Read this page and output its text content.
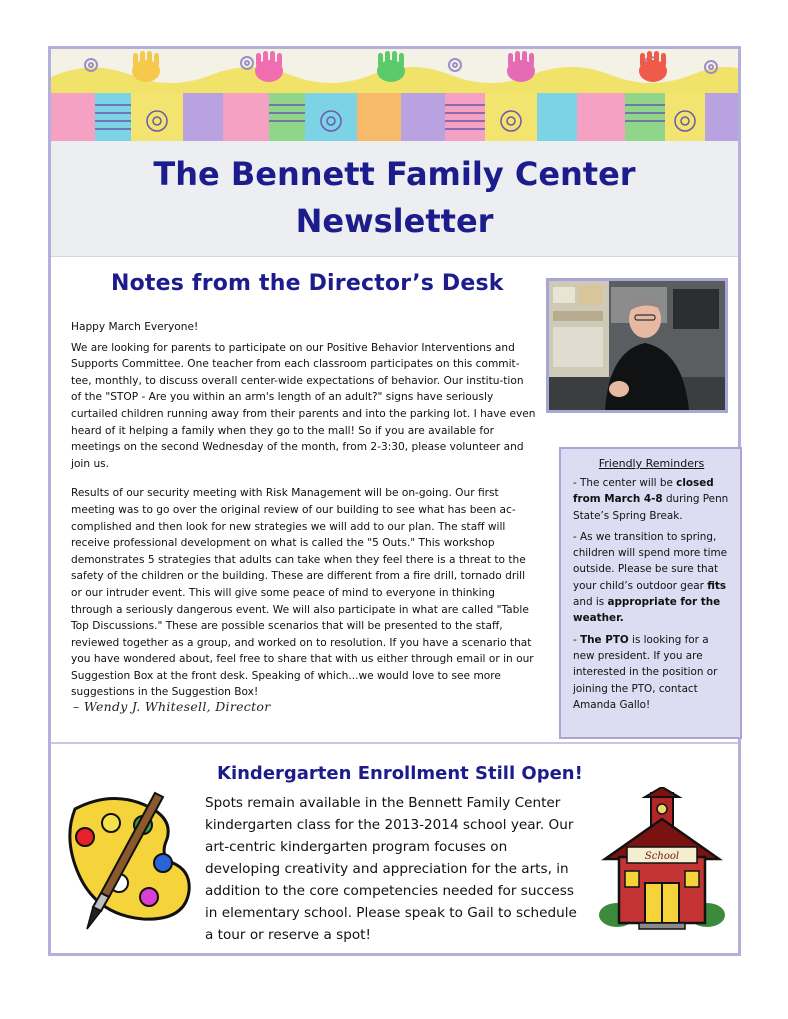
The Bennett Family Center
Newsletter
Notes from the Director’s Desk

Happy March Everyone!

We are looking for parents to participate on our Positive Behavior Interventions and Supports Committee. One teacher from each classroom participates on this commit-tee, monthly, to discuss overall center-wide expectations of behavior. Our institu-tion of the "STOP - Are you within an arm's length of an adult?" signs have seriously curtailed children running away from their parents and into the parking lot. I have even heard of it helping a family when they go to the mall! So if you are available for meetings on the second Wednesday of the month, from 2-3:30, please volunteer and join us.

Results of our security meeting with Risk Management will be on-going. Our first meeting was to go over the original review of our building to see what has been ac-complished and then look for new strategies we will add to our plan. The staff will receive professional development on what is called the "5 Outs." This workshop demonstrates 5 strategies that adults can take when they feel there is a threat to the safety of the children or the building. These are different from a fire drill, tornado drill or our intruder event. This will give some peace of mind to everyone in thinking through a seriously dangerous event. We will also participate in what are called "Table Top Discussions." These are possible scenarios that will be presented to the staff, reviewed together as a group, and worked on to resolution. If you have a scenario that you have wondered about, feel free to share that with us either through email or in our Suggestion Box at the front desk. Speaking of which...we would love to see more suggestions in the Suggestion Box!

– Wendy J. Whitesell, Director
Friendly Reminders

- The center will be closed from March 4-8 during Penn State’s Spring Break.

- As we transition to spring, children will spend more time outside. Please be sure that your child’s outdoor gear fits and is appropriate for the weather.

- The PTO is looking for a new president. If you are interested in the position or joining the PTO, contact Amanda Gallo!

Kindergarten Enrollment Still Open!
Spots remain available in the Bennett Family Center kindergarten class for the 2013-2014 school year. Our art-centric kindergarten program focuses on developing creativity and appreciation for the arts, in addition to the core competencies needed for success in elementary school. Please speak to Gail to schedule a tour or reserve a spot!
School
